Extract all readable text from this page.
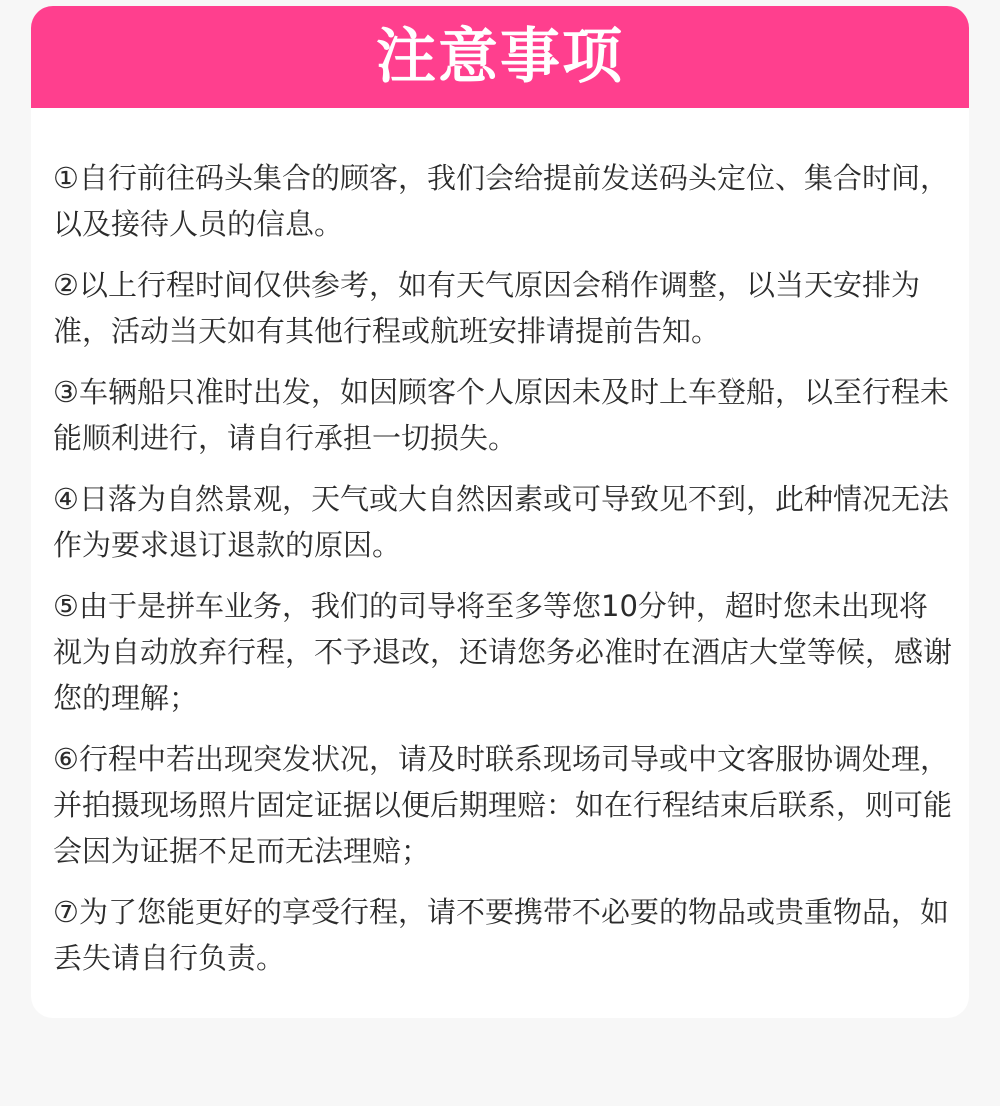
注意事项
①自行前往码头集合的顾客，我们会给提前发送码头定位、集合时间，以及接待人员的信息。
②以上行程时间仅供参考，如有天气原因会稍作调整，以当天安排为准，活动当天如有其他行程或航班安排请提前告知。
③车辆船只准时出发，如因顾客个人原因未及时上车登船，以至行程未能顺利进行，请自行承担一切损失。
④日落为自然景观，天气或大自然因素或可导致见不到，此种情况无法作为要求退订退款的原因。
⑤由于是拼车业务，我们的司导将至多等您10分钟，超时您未出现将视为自动放弃行程，不予退改，还请您务必准时在酒店大堂等候，感谢您的理解；
⑥行程中若出现突发状况，请及时联系现场司导或中文客服协调处理，并拍摄现场照片固定证据以便后期理赔：如在行程结束后联系，则可能会因为证据不足而无法理赔；
⑦为了您能更好的享受行程，请不要携带不必要的物品或贵重物品，如丢失请自行负责。
